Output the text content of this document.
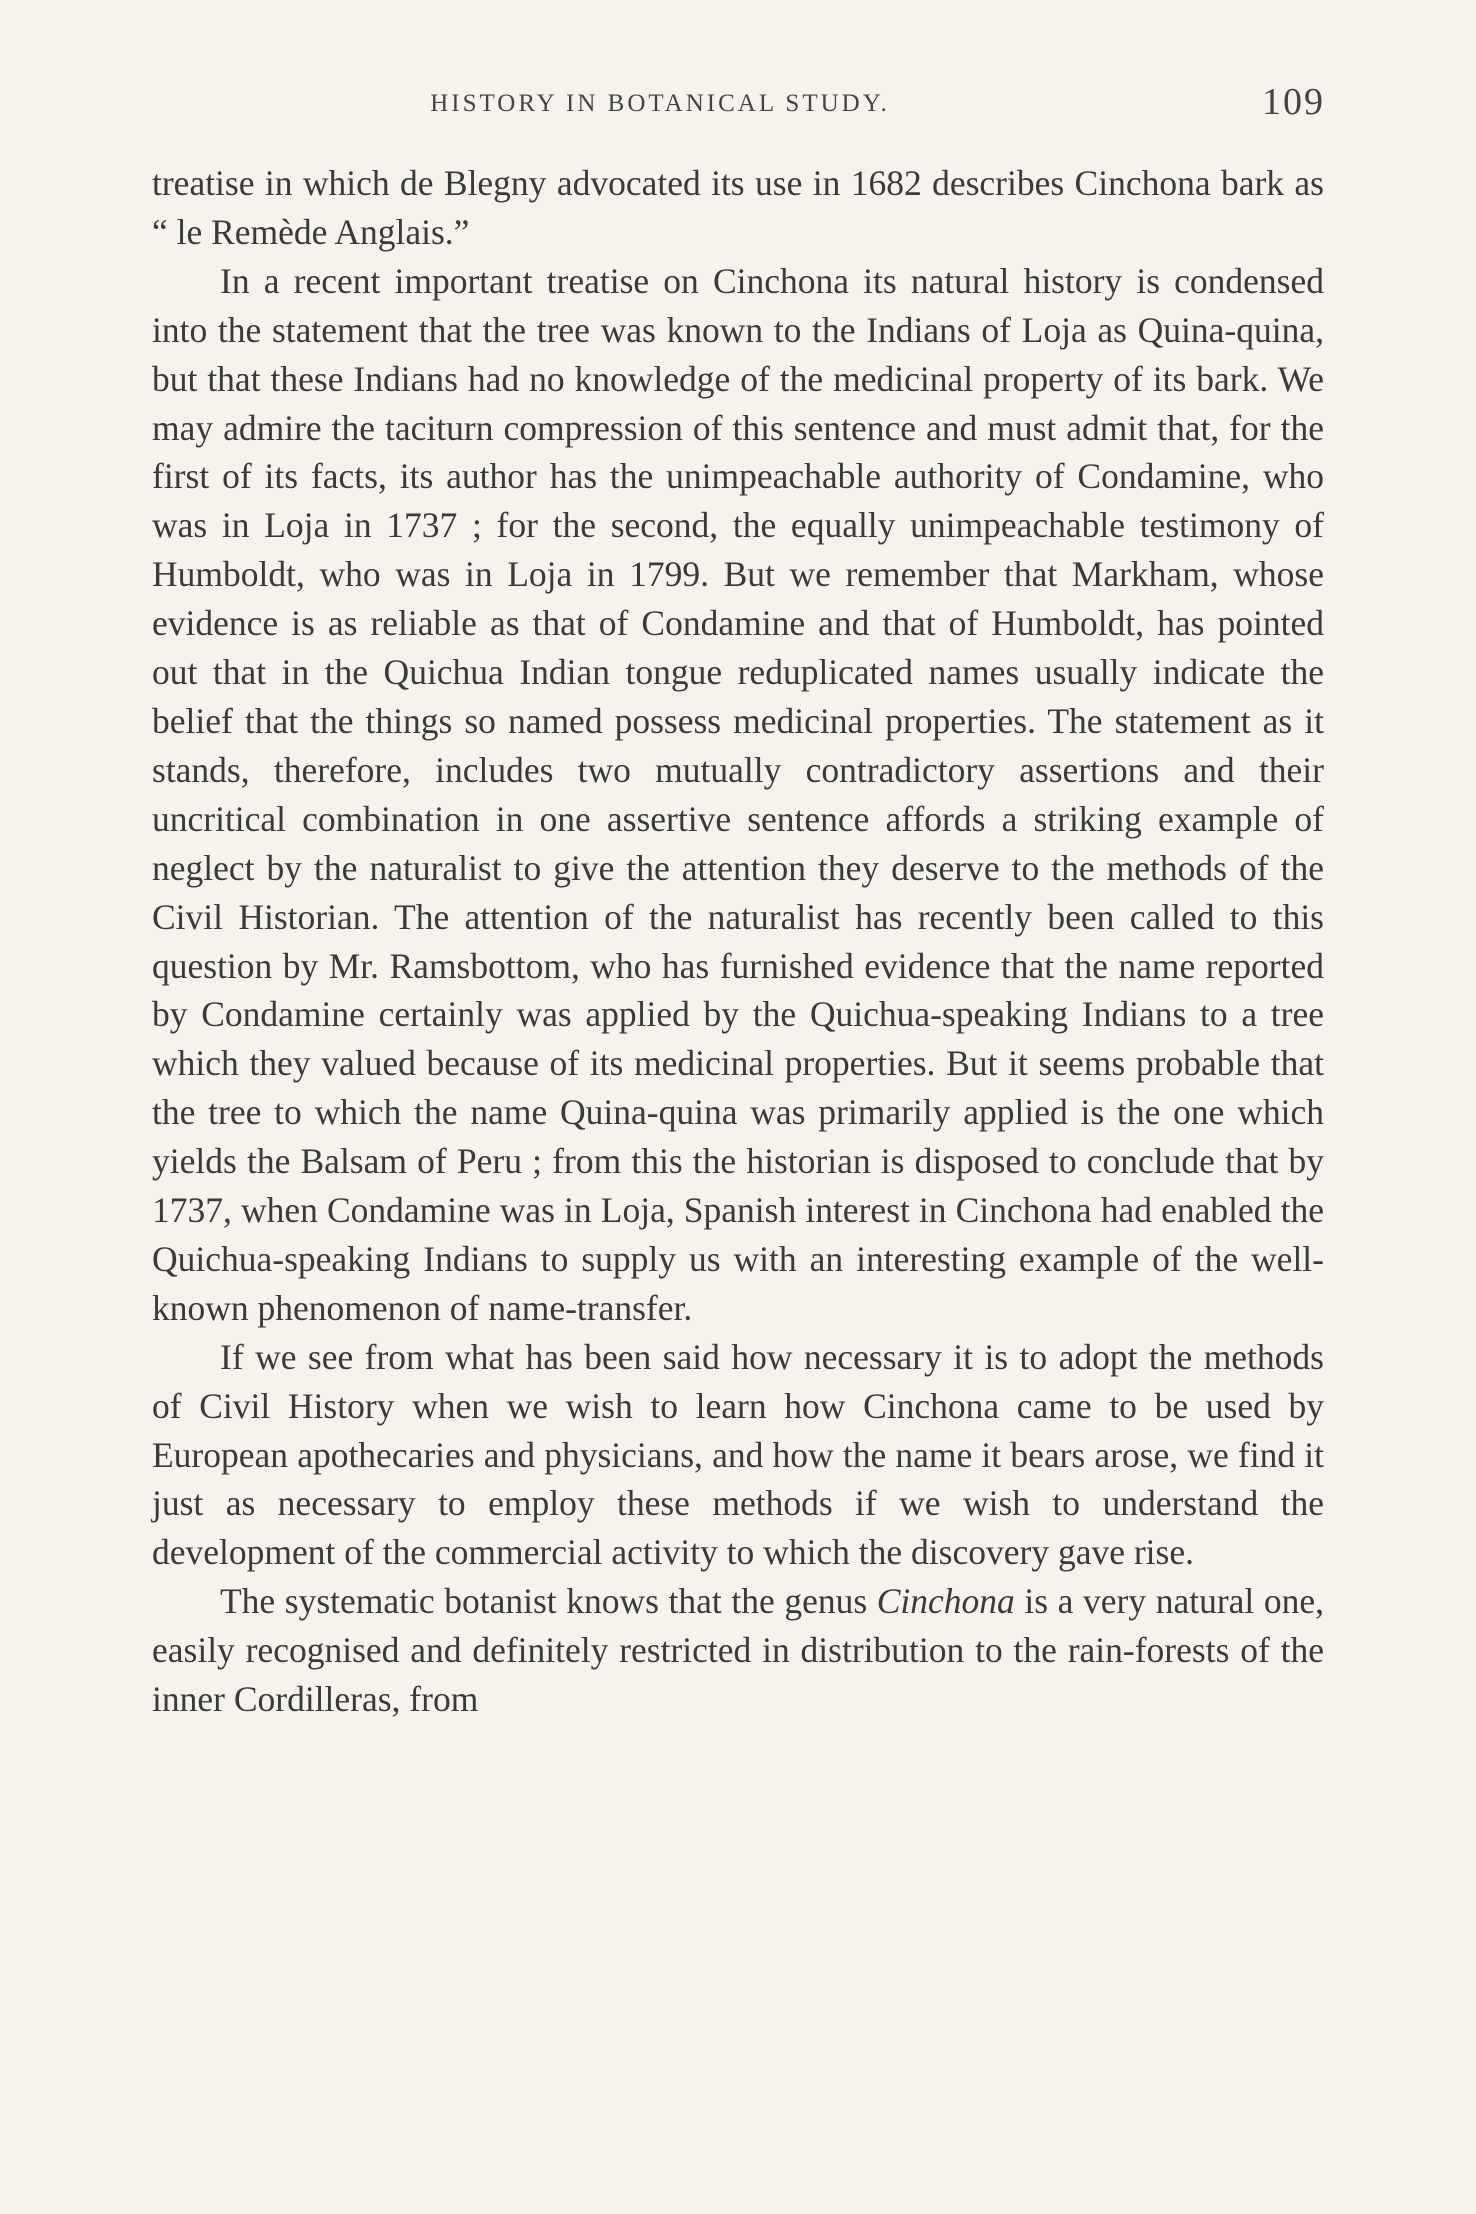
HISTORY IN BOTANICAL STUDY.	109

treatise in which de Blegny advocated its use in 1682 describes Cinchona bark as “ le Remède Anglais.”

In a recent important treatise on Cinchona its natural history is condensed into the statement that the tree was known to the Indians of Loja as Quina-quina, but that these Indians had no knowledge of the medicinal property of its bark. We may admire the taciturn compression of this sentence and must admit that, for the first of its facts, its author has the unimpeachable authority of Condamine, who was in Loja in 1737 ; for the second, the equally unimpeachable testimony of Humboldt, who was in Loja in 1799. But we remember that Markham, whose evidence is as reliable as that of Condamine and that of Humboldt, has pointed out that in the Quichua Indian tongue reduplicated names usually indicate the belief that the things so named possess medicinal properties. The statement as it stands, therefore, includes two mutually contradictory assertions and their uncritical combination in one assertive sentence affords a striking example of neglect by the naturalist to give the attention they deserve to the methods of the Civil Historian. The attention of the naturalist has recently been called to this question by Mr. Ramsbottom, who has furnished evidence that the name reported by Condamine certainly was applied by the Quichua-speaking Indians to a tree which they valued because of its medicinal properties. But it seems probable that the tree to which the name Quina-quina was primarily applied is the one which yields the Balsam of Peru ; from this the historian is disposed to conclude that by 1737, when Condamine was in Loja, Spanish interest in Cinchona had enabled the Quichua-speaking Indians to supply us with an interesting example of the well-known phenomenon of name-transfer.

If we see from what has been said how necessary it is to adopt the methods of Civil History when we wish to learn how Cinchona came to be used by European apothecaries and physicians, and how the name it bears arose, we find it just as necessary to employ these methods if we wish to understand the development of the commercial activity to which the discovery gave rise.

The systematic botanist knows that the genus Cinchona is a very natural one, easily recognised and definitely restricted in distribution to the rain-forests of the inner Cordilleras, from
